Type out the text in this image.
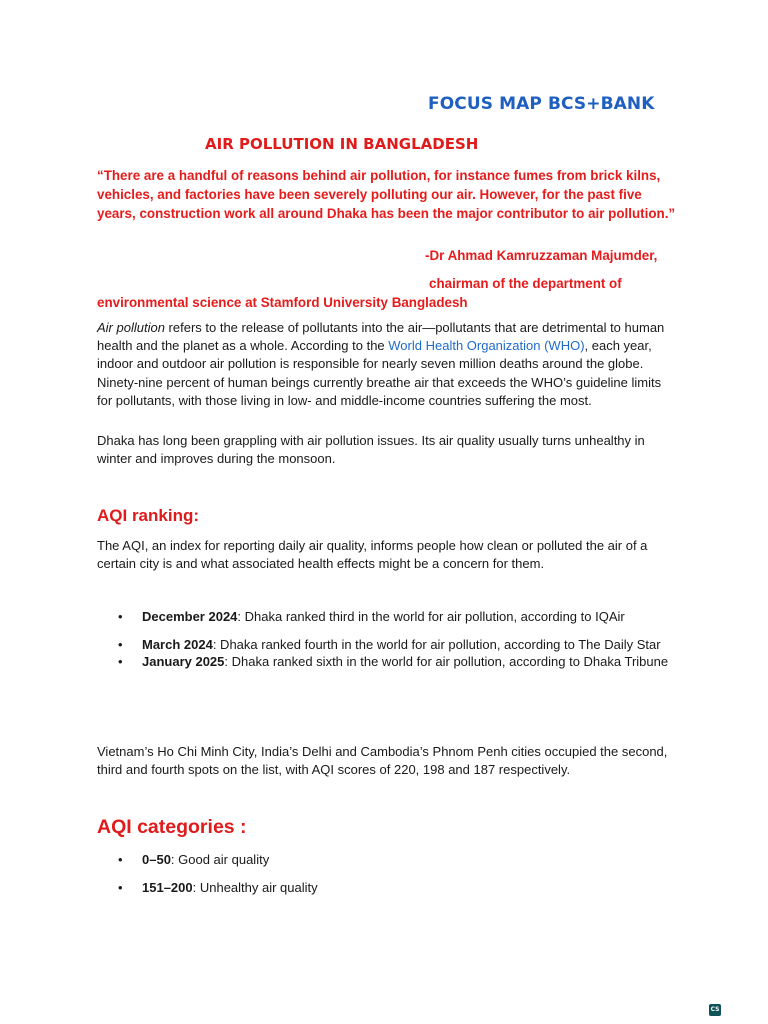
FOCUS MAP BCS+BANK
AIR POLLUTION IN BANGLADESH

“There are a handful of reasons behind air pollution, for instance fumes from brick kilns, vehicles, and factories have been severely polluting our air. However, for the past five years, construction work all around Dhaka has been the major contributor to air pollution.”

-Dr Ahmad Kamruzzaman Majumder,

chairman of the department of environmental science at Stamford University Bangladesh

Air pollution refers to the release of pollutants into the air—pollutants that are detrimental to human health and the planet as a whole. According to the World Health Organization (WHO), each year, indoor and outdoor air pollution is responsible for nearly seven million deaths around the globe. Ninety-nine percent of human beings currently breathe air that exceeds the WHO’s guideline limits for pollutants, with those living in low- and middle-income countries suffering the most.

Dhaka has long been grappling with air pollution issues. Its air quality usually turns unhealthy in winter and improves during the monsoon.

AQI ranking:

The AQI, an index for reporting daily air quality, informs people how clean or polluted the air of a certain city is and what associated health effects might be a concern for them.

• December 2024: Dhaka ranked third in the world for air pollution, according to IQAir
• March 2024: Dhaka ranked fourth in the world for air pollution, according to The Daily Star
• January 2025: Dhaka ranked sixth in the world for air pollution, according to Dhaka Tribune

Vietnam’s Ho Chi Minh City, India’s Delhi and Cambodia’s Phnom Penh cities occupied the second, third and fourth spots on the list, with AQI scores of 220, 198 and 187 respectively.

AQI categories :
• 0–50: Good air quality
• 151–200: Unhealthy air quality
CS
